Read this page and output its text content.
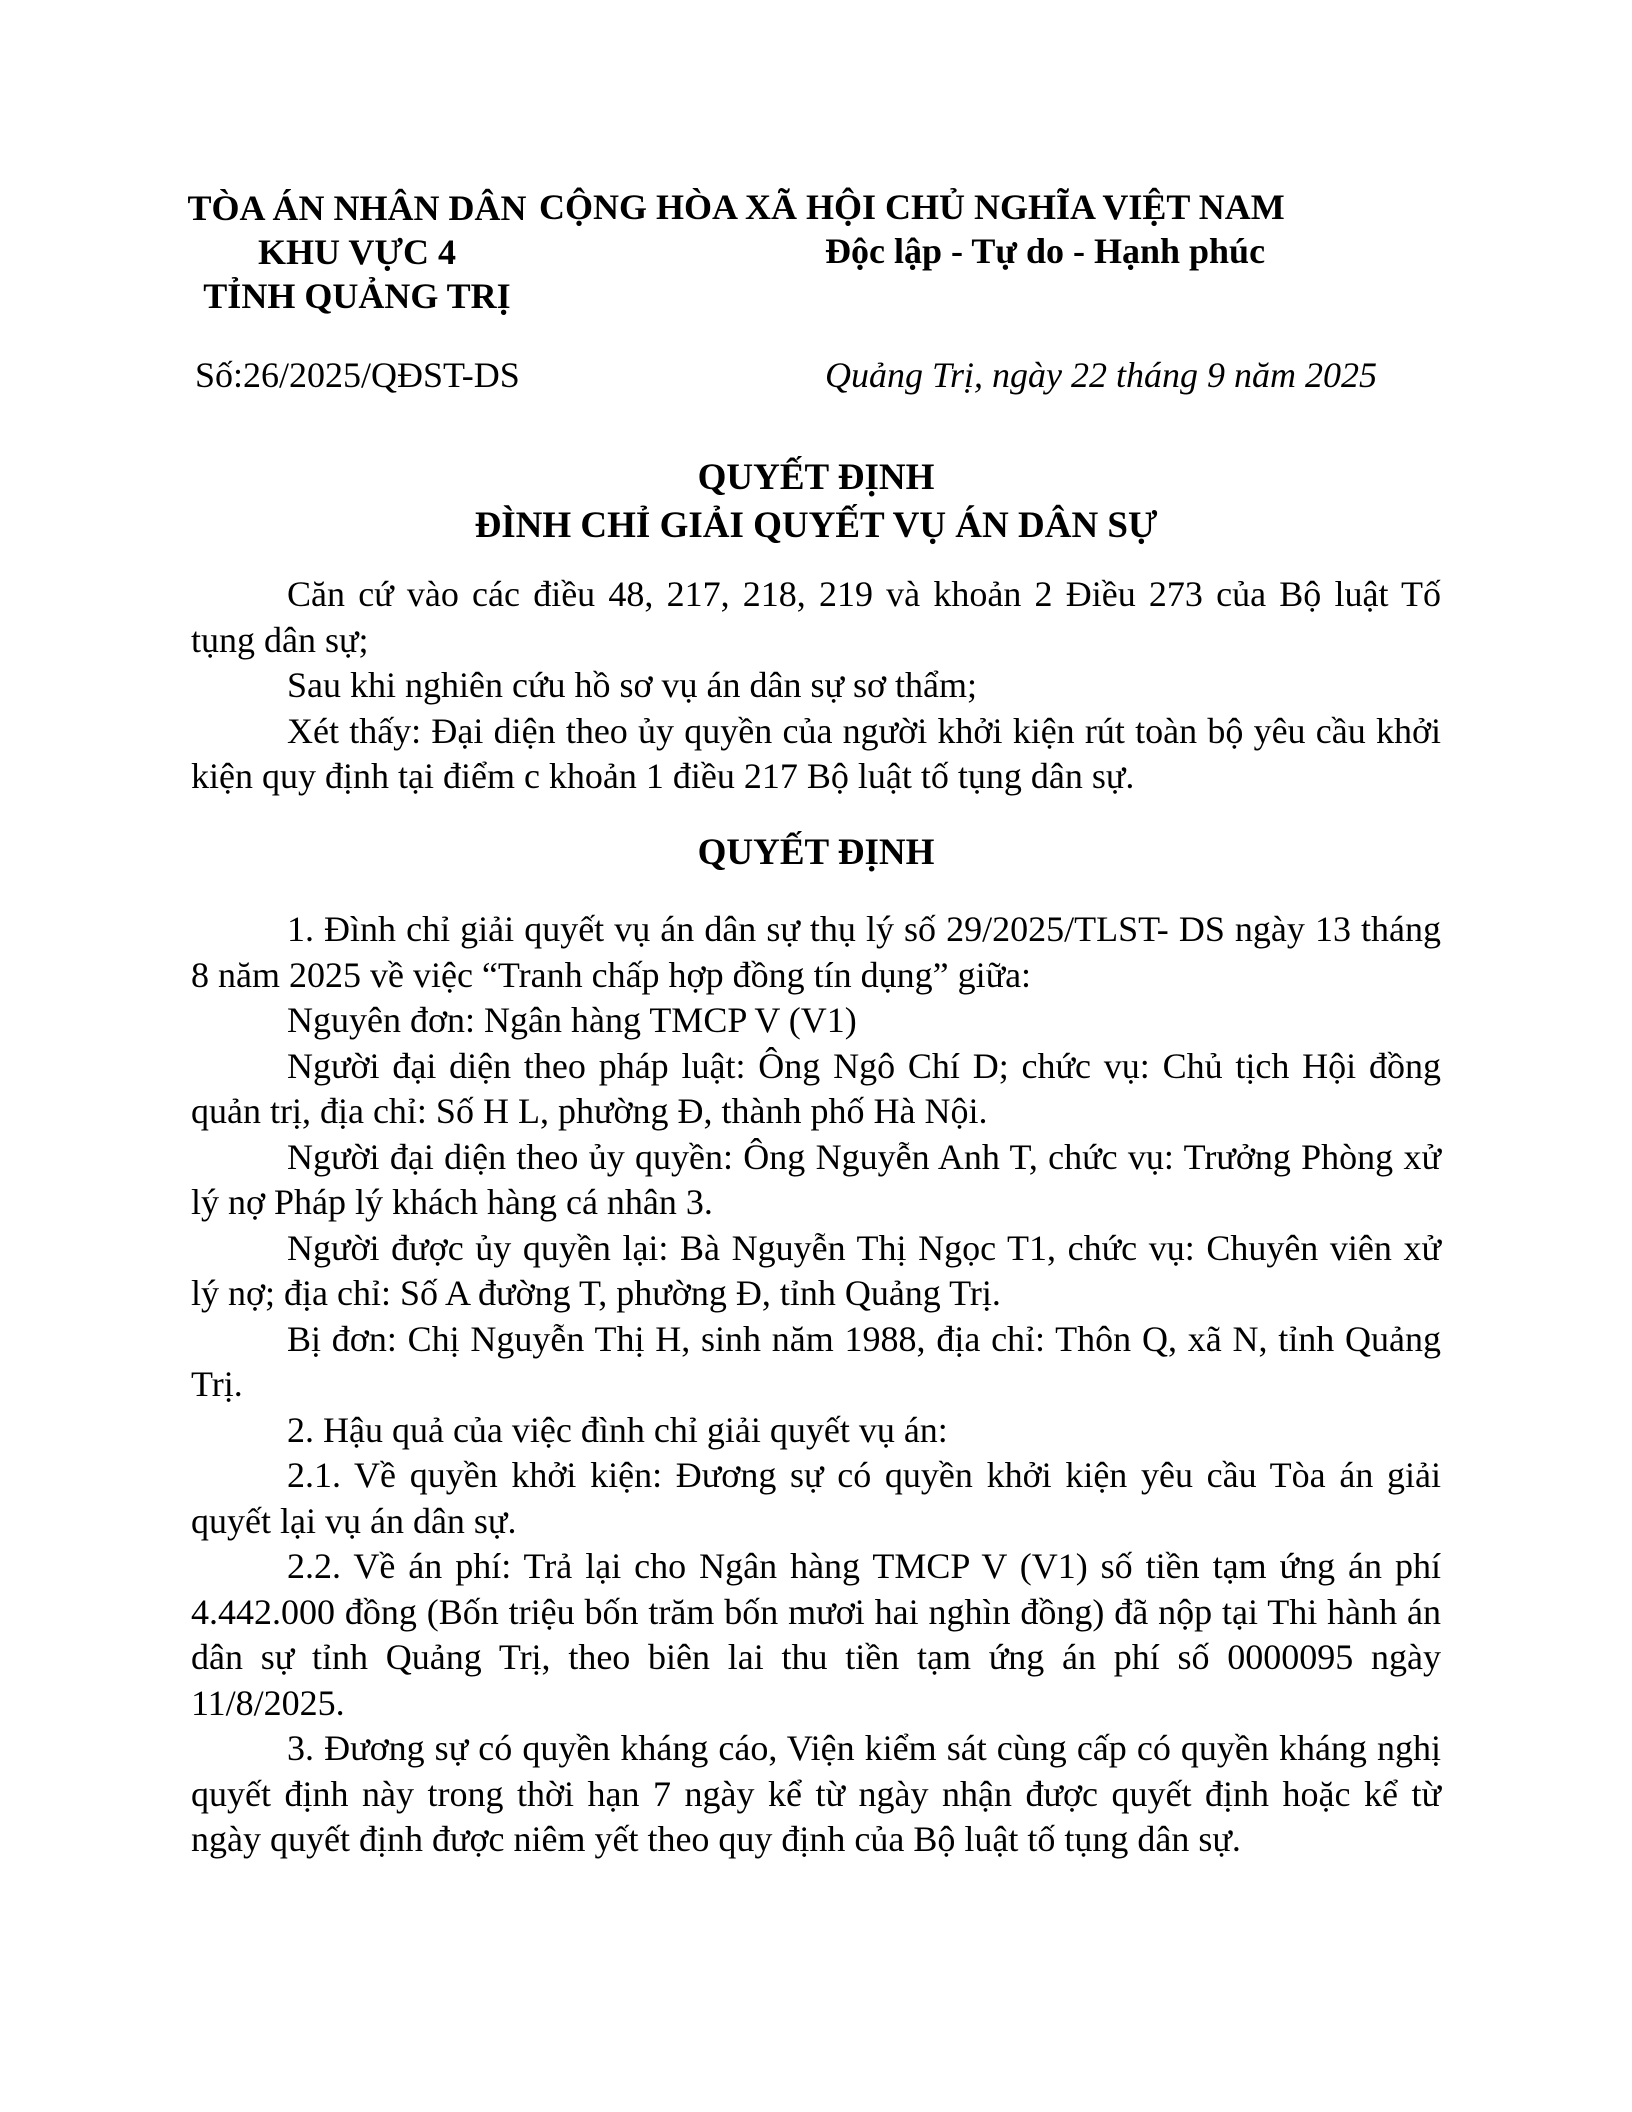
TÒA ÁN NHÂN DÂN
KHU VỰC 4
TỈNH QUẢNG TRỊ
CỘNG HÒA XÃ HỘI CHỦ NGHĨA VIỆT NAM
Độc lập - Tự do - Hạnh phúc
Số:26/2025/QĐST-DS	Quảng Trị, ngày 22 tháng 9 năm 2025
QUYẾT ĐỊNH
ĐÌNH CHỈ GIẢI QUYẾT VỤ ÁN DÂN SỰ

Căn cứ vào các điều 48, 217, 218, 219 và khoản 2 Điều 273 của Bộ luật Tố tụng dân sự;

Sau khi nghiên cứu hồ sơ vụ án dân sự sơ thẩm;

Xét thấy: Đại diện theo ủy quyền của người khởi kiện rút toàn bộ yêu cầu khởi kiện quy định tại điểm c khoản 1 điều 217 Bộ luật tố tụng dân sự.

QUYẾT ĐỊNH

1. Đình chỉ giải quyết vụ án dân sự thụ lý số 29/2025/TLST- DS ngày 13 tháng 8 năm 2025 về việc “Tranh chấp hợp đồng tín dụng” giữa:

Nguyên đơn: Ngân hàng TMCP V (V1)

Người đại diện theo pháp luật: Ông Ngô Chí D; chức vụ: Chủ tịch Hội đồng quản trị, địa chỉ: Số H L, phường Đ, thành phố Hà Nội.

Người đại diện theo ủy quyền: Ông Nguyễn Anh T, chức vụ: Trưởng Phòng xử lý nợ Pháp lý khách hàng cá nhân 3.

Người được ủy quyền lại: Bà Nguyễn Thị Ngọc T1, chức vụ: Chuyên viên xử lý nợ; địa chỉ: Số A đường T, phường Đ, tỉnh Quảng Trị.

Bị đơn: Chị Nguyễn Thị H, sinh năm 1988, địa chỉ: Thôn Q, xã N, tỉnh Quảng Trị.

2. Hậu quả của việc đình chỉ giải quyết vụ án:

2.1. Về quyền khởi kiện: Đương sự có quyền khởi kiện yêu cầu Tòa án giải quyết lại vụ án dân sự.

2.2. Về án phí: Trả lại cho Ngân hàng TMCP V (V1) số tiền tạm ứng án phí 4.442.000 đồng (Bốn triệu bốn trăm bốn mươi hai nghìn đồng) đã nộp tại Thi hành án dân sự tỉnh Quảng Trị, theo biên lai thu tiền tạm ứng án phí số 0000095 ngày 11/8/2025.

3. Đương sự có quyền kháng cáo, Viện kiểm sát cùng cấp có quyền kháng nghị quyết định này trong thời hạn 7 ngày kể từ ngày nhận được quyết định hoặc kể từ ngày quyết định được niêm yết theo quy định của Bộ luật tố tụng dân sự.
